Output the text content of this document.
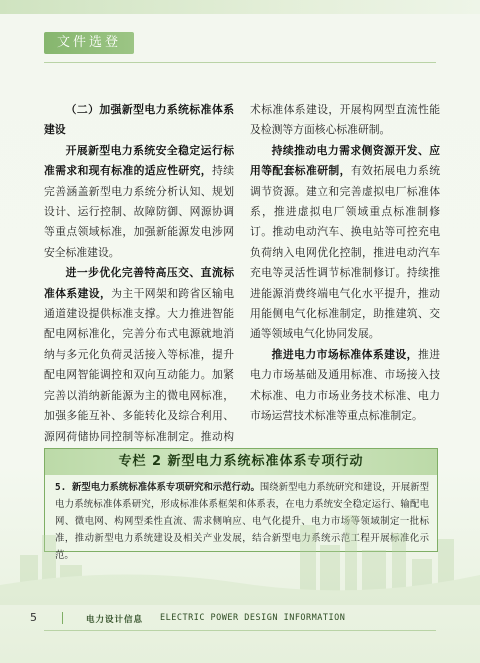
文件选登

（二）加强新型电力系统标准体系建设

开展新型电力系统安全稳定运行标准需求和现有标准的适应性研究，持续完善涵盖新型电力系统分析认知、规划设计、运行控制、故障防御、网源协调等重点领域标准，加强新能源发电涉网安全标准建设。

进一步优化完善特高压交、直流标准体系建设，为主干网架和跨省区输电通道建设提供标准支撑。大力推进智能配电网标准化，完善分布式电源就地消纳与多元化负荷灵活接入等标准，提升配电网智能调控和双向互动能力。加紧完善以消纳新能源为主的微电网标准，加强多能互补、多能转化及综合利用、源网荷储协同控制等标准制定。推动构

术标准体系建设，开展构网型直流性能及检测等方面核心标准研制。

持续推动电力需求侧资源开发、应用等配套标准研制，有效拓展电力系统调节资源。建立和完善虚拟电厂标准体系，推进虚拟电厂领域重点标准制修订。推动电动汽车、换电站等可控充电负荷纳入电网优化控制，推进电动汽车充电等灵活性调节标准制修订。持续推进能源消费终端电气化水平提升，推动用能侧电气化标准制定，助推建筑、交通等领域电气化协同发展。

推进电力市场标准体系建设，推进电力市场基础及通用标准、市场接入技术标准、电力市场业务技术标准、电力市场运营技术标准等重点标准制定。

专栏 2 新型电力系统标准体系专项行动
5. 新型电力系统标准体系专项研究和示范行动。围绕新型电力系统研究和建设，开展新型电力系统标准体系研究，形成标准体系框架和体系表，在电力系统安全稳定运行、输配电网、微电网、构网型柔性直流、需求侧响应、电气化提升、电力市场等领域制定一批标准，推动新型电力系统建设及相关产业发展，结合新型电力系统示范工程开展标准化示范。
5	电力设计信息 ELECTRIC POWER DESIGN INFORMATION
